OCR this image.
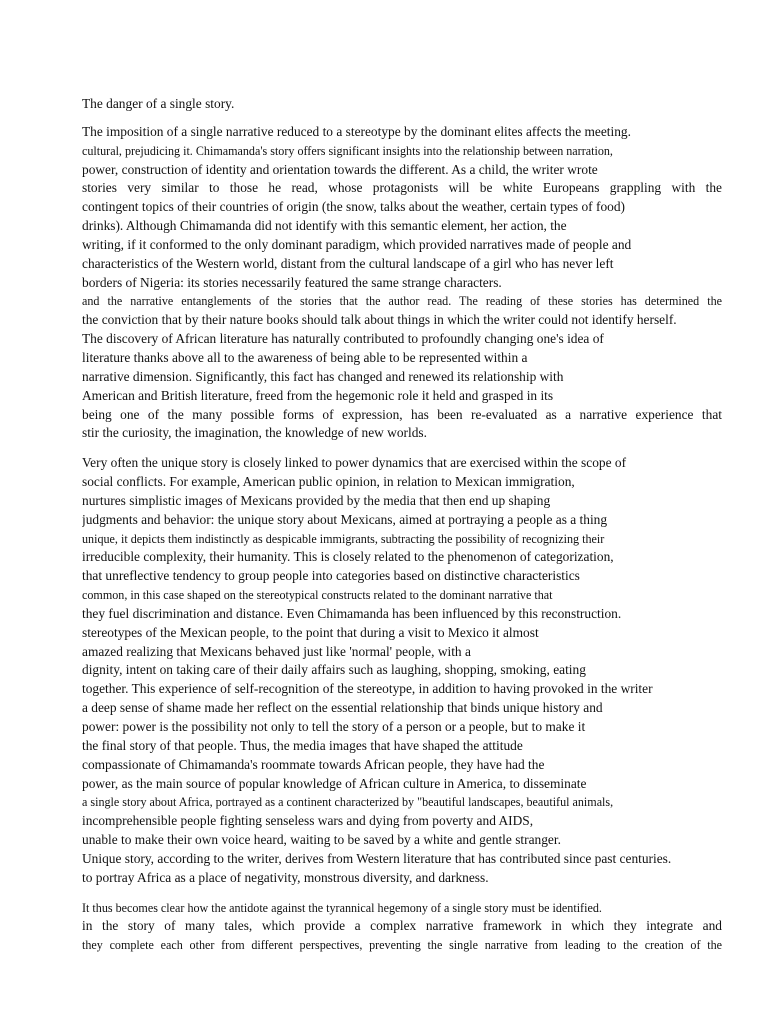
The danger of a single story.
The imposition of a single narrative reduced to a stereotype by the dominant elites affects the meeting.
cultural, prejudicing it. Chimamanda's story offers significant insights into the relationship between narration,
power, construction of identity and orientation towards the different. As a child, the writer wrote
stories very similar to those he read, whose protagonists will be white Europeans grappling with the
contingent topics of their countries of origin (the snow, talks about the weather, certain types of food)
drinks). Although Chimamanda did not identify with this semantic element, her action, the
writing, if it conformed to the only dominant paradigm, which provided narratives made of people and
characteristics of the Western world, distant from the cultural landscape of a girl who has never left
borders of Nigeria: its stories necessarily featured the same strange characters.
and the narrative entanglements of the stories that the author read. The reading of these stories has determined the
the conviction that by their nature books should talk about things in which the writer could not identify herself.
The discovery of African literature has naturally contributed to profoundly changing one's idea of
literature thanks above all to the awareness of being able to be represented within a
narrative dimension. Significantly, this fact has changed and renewed its relationship with
American and British literature, freed from the hegemonic role it held and grasped in its
being one of the many possible forms of expression, has been re-evaluated as a narrative experience that
stir the curiosity, the imagination, the knowledge of new worlds.
Very often the unique story is closely linked to power dynamics that are exercised within the scope of
social conflicts. For example, American public opinion, in relation to Mexican immigration,
nurtures simplistic images of Mexicans provided by the media that then end up shaping
judgments and behavior: the unique story about Mexicans, aimed at portraying a people as a thing
unique, it depicts them indistinctly as despicable immigrants, subtracting the possibility of recognizing their
irreducible complexity, their humanity. This is closely related to the phenomenon of categorization,
that unreflective tendency to group people into categories based on distinctive characteristics
common, in this case shaped on the stereotypical constructs related to the dominant narrative that
they fuel discrimination and distance. Even Chimamanda has been influenced by this reconstruction.
stereotypes of the Mexican people, to the point that during a visit to Mexico it almost
amazed realizing that Mexicans behaved just like 'normal' people, with a
dignity, intent on taking care of their daily affairs such as laughing, shopping, smoking, eating
together. This experience of self-recognition of the stereotype, in addition to having provoked in the writer
a deep sense of shame made her reflect on the essential relationship that binds unique history and
power: power is the possibility not only to tell the story of a person or a people, but to make it
the final story of that people. Thus, the media images that have shaped the attitude
compassionate of Chimamanda's roommate towards African people, they have had the
power, as the main source of popular knowledge of African culture in America, to disseminate
a single story about Africa, portrayed as a continent characterized by "beautiful landscapes, beautiful animals,
incomprehensible people fighting senseless wars and dying from poverty and AIDS,
unable to make their own voice heard, waiting to be saved by a white and gentle stranger.
Unique story, according to the writer, derives from Western literature that has contributed since past centuries.
to portray Africa as a place of negativity, monstrous diversity, and darkness.
It thus becomes clear how the antidote against the tyrannical hegemony of a single story must be identified.
in the story of many tales, which provide a complex narrative framework in which they integrate and
they complete each other from different perspectives, preventing the single narrative from leading to the creation of the
